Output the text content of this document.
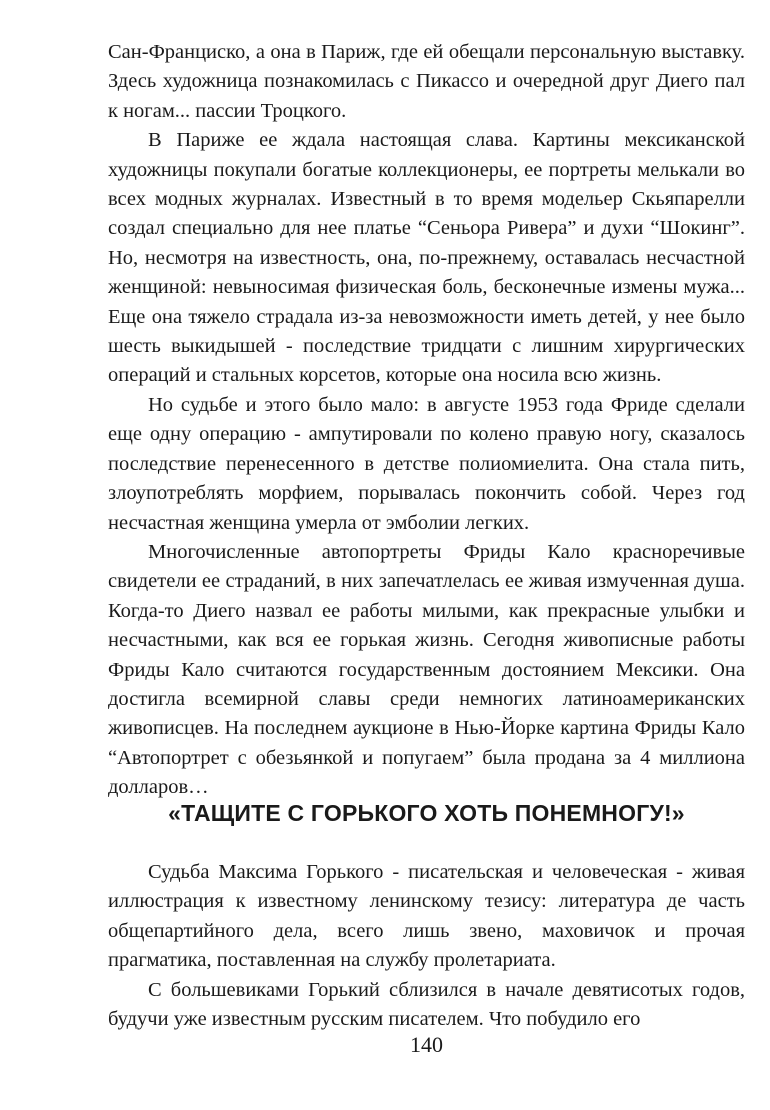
Сан-Франциско, а она в Париж, где ей обещали персональную выставку. Здесь художница познакомилась с Пикассо и очередной друг Диего пал к ногам... пассии Троцкого.

В Париже ее ждала настоящая слава. Картины мексиканской художницы покупали богатые коллекционеры, ее портреты мелькали во всех модных журналах. Известный в то время модельер Скьяпарелли создал специально для нее платье “Сеньора Ривера” и духи “Шокинг”. Но, несмотря на известность, она, по-прежнему, оставалась несчастной женщиной: невыносимая физическая боль, бесконечные измены мужа... Еще она тяжело страдала из-за невозможности иметь детей, у нее было шесть выкидышей - последствие тридцати с лишним хирургических операций и стальных корсетов, которые она носила всю жизнь.

Но судьбе и этого было мало: в августе 1953 года Фриде сделали еще одну операцию - ампутировали по колено правую ногу, сказалось последствие перенесенного в детстве полиомиелита. Она стала пить, злоупотреблять морфием, порывалась покончить собой. Через год несчастная женщина умерла от эмболии легких.

Многочисленные автопортреты Фриды Кало красноречивые свидетели ее страданий, в них запечатлелась ее живая измученная душа. Когда-то Диего назвал ее работы милыми, как прекрасные улыбки и несчастными, как вся ее горькая жизнь. Сегодня живописные работы Фриды Кало считаются государственным достоянием Мексики. Она достигла всемирной славы среди немногих латиноамериканских живописцев. На последнем аукционе в Нью-Йорке картина Фриды Кало “Автопортрет с обезьянкой и попугаем” была продана за 4 миллиона долларов…

«ТАЩИТЕ С ГОРЬКОГО ХОТЬ ПОНЕМНОГУ!»

Судьба Максима Горького - писательская и человеческая - живая иллюстрация к известному ленинскому тезису: литература де часть общепартийного дела, всего лишь звено, маховичок и прочая прагматика, поставленная на службу пролетариата.

С большевиками Горький сблизился в начале девятисотых годов, будучи уже известным русским писателем. Что побудило его

140
